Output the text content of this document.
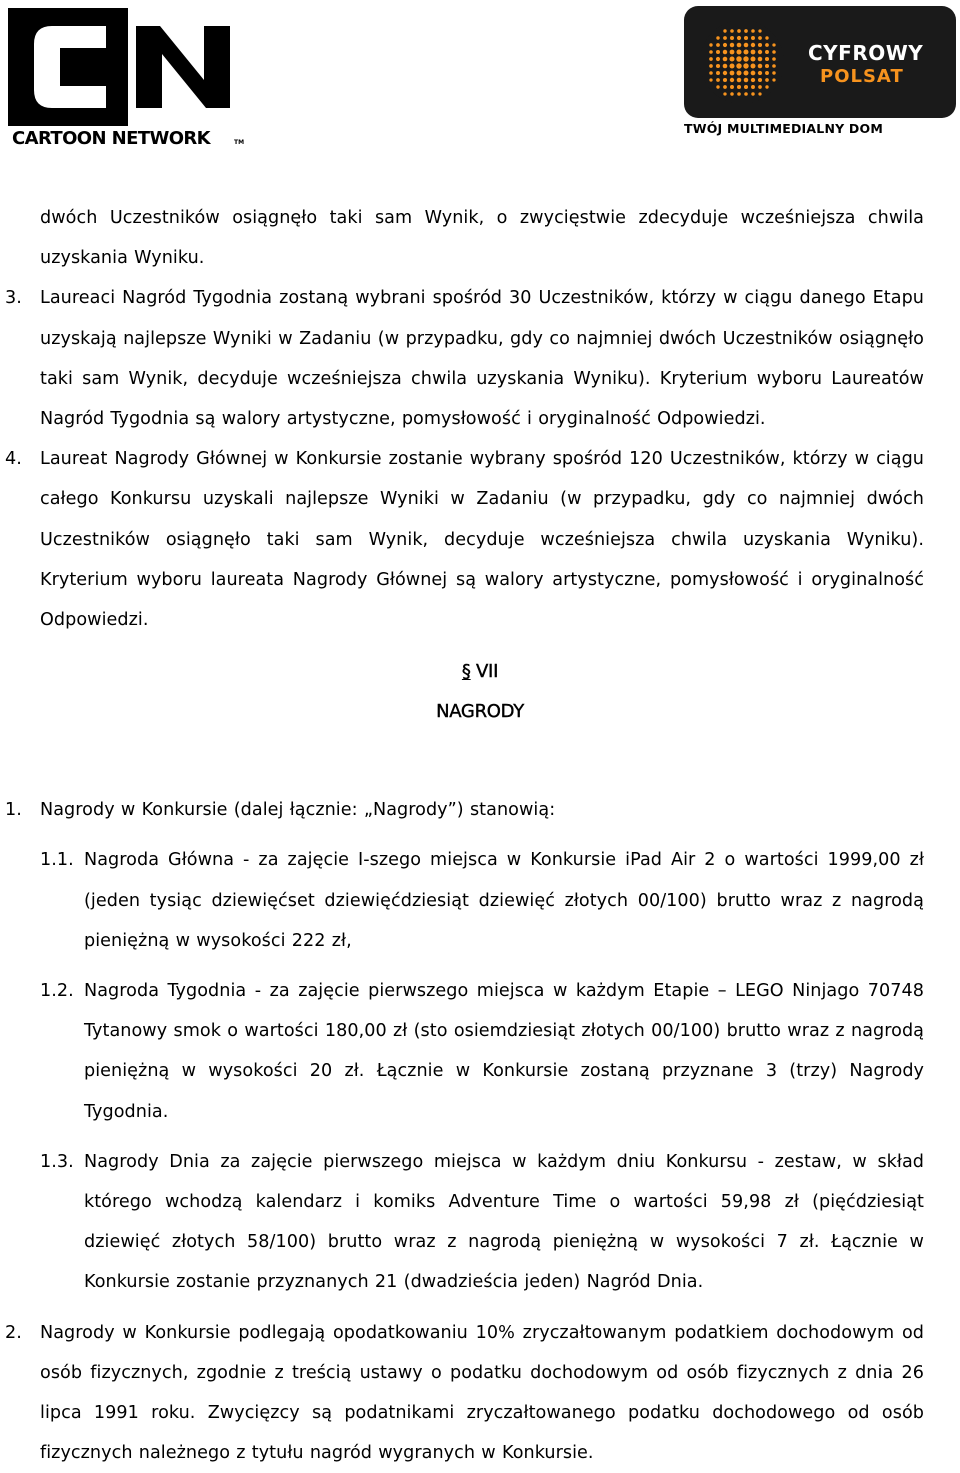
CARTOON NETWORK	TM
CYFROWY
POLSAT
TWÓJ MULTIMEDIALNY DOM

dwóch Uczestników osiągnęło taki sam Wynik, o zwycięstwie zdecyduje wcześniejsza chwila uzyskania Wyniku.

3. Laureaci Nagród Tygodnia zostaną wybrani spośród 30 Uczestników, którzy w ciągu danego Etapu uzyskają najlepsze Wyniki w Zadaniu (w przypadku, gdy co najmniej dwóch Uczestników osiągnęło taki sam Wynik, decyduje wcześniejsza chwila uzyskania Wyniku). Kryterium wyboru Laureatów Nagród Tygodnia są walory artystyczne, pomysłowość i oryginalność Odpowiedzi.
4. Laureat Nagrody Głównej w Konkursie zostanie wybrany spośród 120 Uczestników, którzy w ciągu całego Konkursu uzyskali najlepsze Wyniki w Zadaniu (w przypadku, gdy co najmniej dwóch Uczestników osiągnęło taki sam Wynik, decyduje wcześniejsza chwila uzyskania Wyniku). Kryterium wyboru laureata Nagrody Głównej są walory artystyczne, pomysłowość i oryginalność Odpowiedzi.
§ VII
NAGRODY
1. Nagrody w Konkursie (dalej łącznie: „Nagrody”) stanowią:
1.1. Nagroda Główna - za zajęcie I-szego miejsca w Konkursie iPad Air 2 o wartości 1999,00 zł (jeden tysiąc dziewięćset dziewięćdziesiąt dziewięć złotych 00/100) brutto wraz z nagrodą pieniężną w wysokości 222 zł,
1.2. Nagroda Tygodnia - za zajęcie pierwszego miejsca w każdym Etapie – LEGO Ninjago 70748 Tytanowy smok o wartości 180,00 zł (sto osiemdziesiąt złotych 00/100) brutto wraz z nagrodą pieniężną w wysokości 20 zł. Łącznie w Konkursie zostaną przyznane 3 (trzy) Nagrody Tygodnia.
1.3. Nagrody Dnia za zajęcie pierwszego miejsca w każdym dniu Konkursu - zestaw, w skład którego wchodzą kalendarz i komiks Adventure Time o wartości 59,98 zł (pięćdziesiąt dziewięć złotych 58/100) brutto wraz z nagrodą pieniężną w wysokości 7 zł. Łącznie w Konkursie zostanie przyznanych 21 (dwadzieścia jeden) Nagród Dnia.
2. Nagrody w Konkursie podlegają opodatkowaniu 10% zryczałtowanym podatkiem dochodowym od osób fizycznych, zgodnie z treścią ustawy o podatku dochodowym od osób fizycznych z dnia 26 lipca 1991 roku. Zwycięzcy są podatnikami zryczałtowanego podatku dochodowego od osób fizycznych należnego z tytułu nagród wygranych w Konkursie.
